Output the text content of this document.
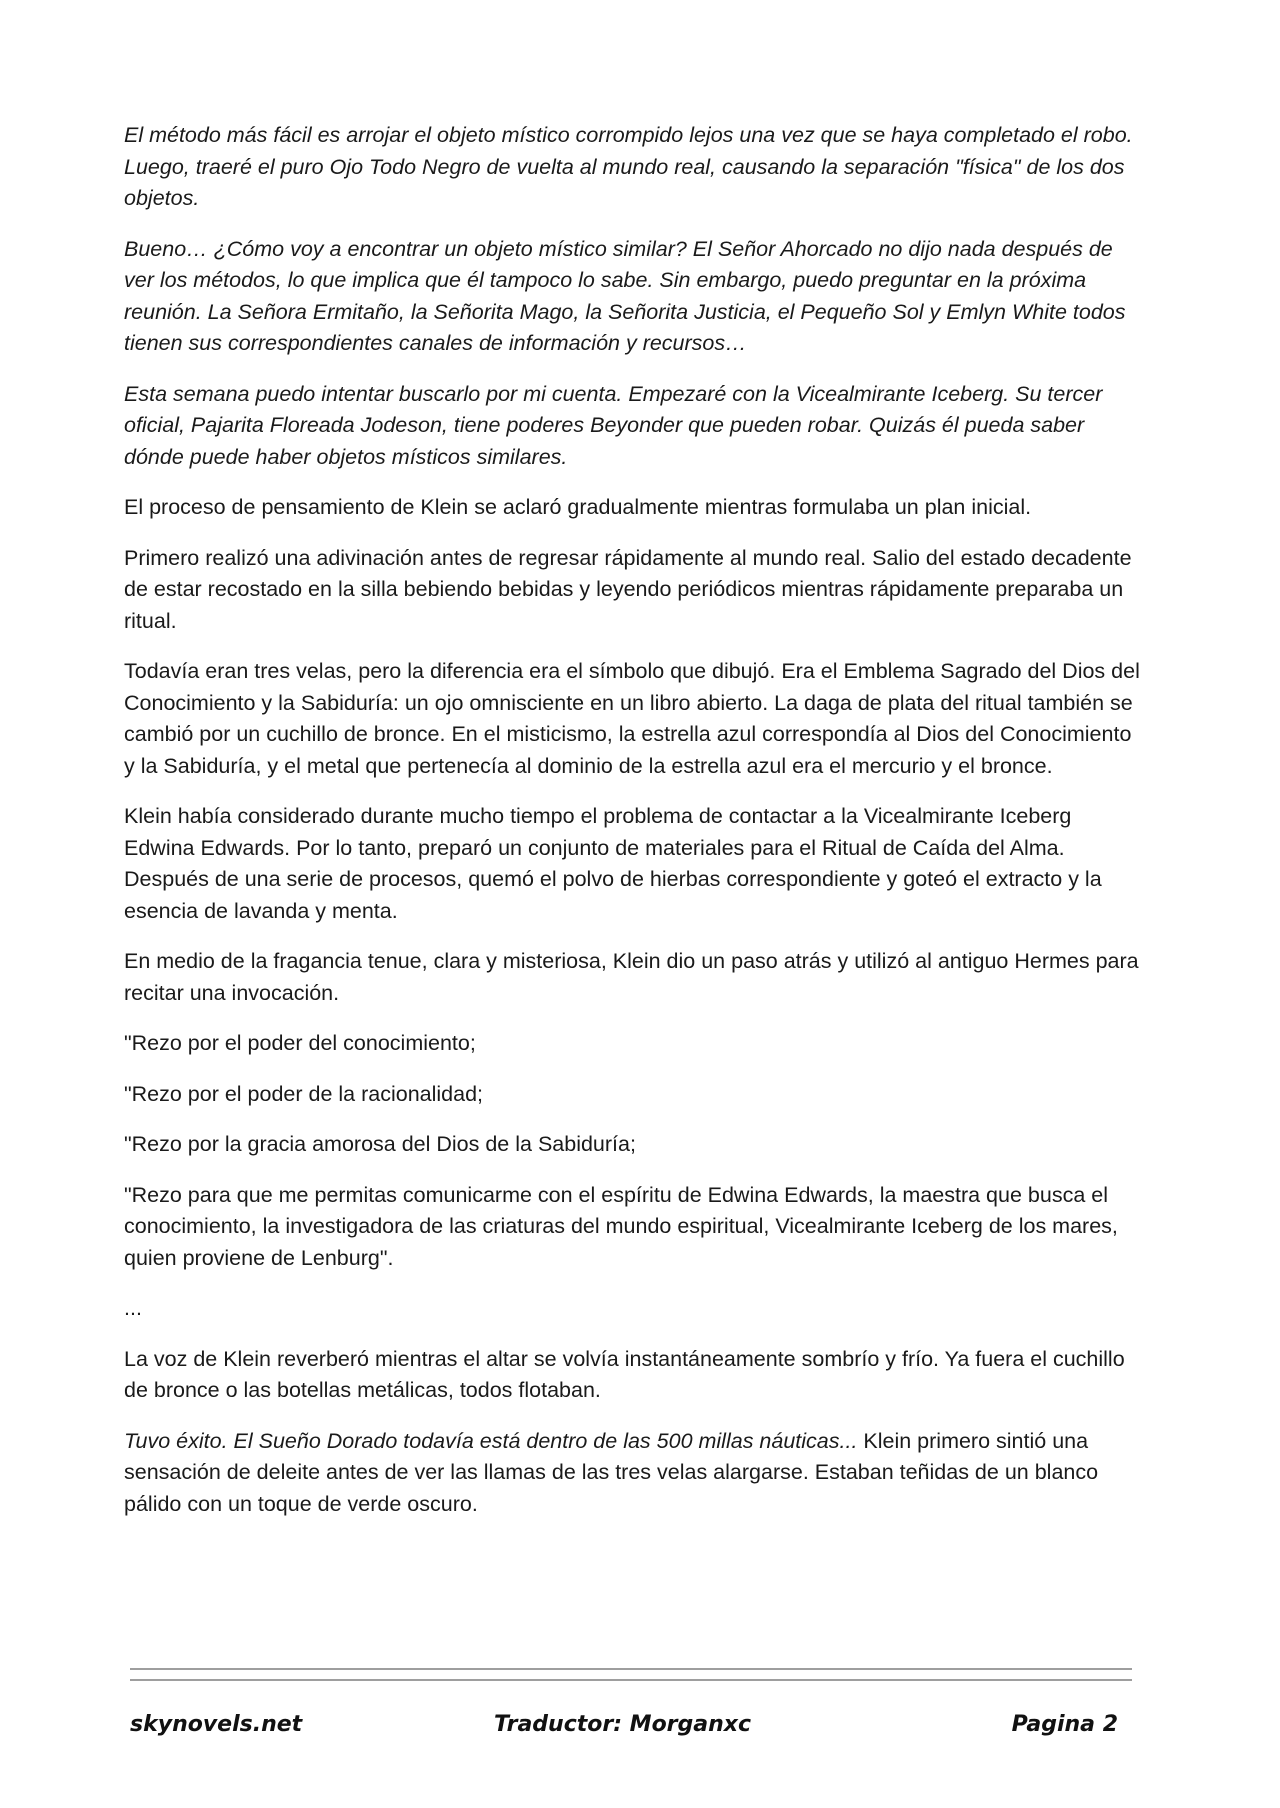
El método más fácil es arrojar el objeto místico corrompido lejos una vez que se haya completado el robo. Luego, traeré el puro Ojo Todo Negro de vuelta al mundo real, causando la separación "física" de los dos objetos.

Bueno… ¿Cómo voy a encontrar un objeto místico similar? El Señor Ahorcado no dijo nada después de ver los métodos, lo que implica que él tampoco lo sabe. Sin embargo, puedo preguntar en la próxima reunión. La Señora Ermitaño, la Señorita Mago, la Señorita Justicia, el Pequeño Sol y Emlyn White todos tienen sus correspondientes canales de información y recursos…

Esta semana puedo intentar buscarlo por mi cuenta. Empezaré con la Vicealmirante Iceberg. Su tercer oficial, Pajarita Floreada Jodeson, tiene poderes Beyonder que pueden robar. Quizás él pueda saber dónde puede haber objetos místicos similares.

El proceso de pensamiento de Klein se aclaró gradualmente mientras formulaba un plan inicial.

Primero realizó una adivinación antes de regresar rápidamente al mundo real. Salio del estado decadente de estar recostado en la silla bebiendo bebidas y leyendo periódicos mientras rápidamente preparaba un ritual.

Todavía eran tres velas, pero la diferencia era el símbolo que dibujó. Era el Emblema Sagrado del Dios del Conocimiento y la Sabiduría: un ojo omnisciente en un libro abierto. La daga de plata del ritual también se cambió por un cuchillo de bronce. En el misticismo, la estrella azul correspondía al Dios del Conocimiento y la Sabiduría, y el metal que pertenecía al dominio de la estrella azul era el mercurio y el bronce.

Klein había considerado durante mucho tiempo el problema de contactar a la Vicealmirante Iceberg Edwina Edwards. Por lo tanto, preparó un conjunto de materiales para el Ritual de Caída del Alma. Después de una serie de procesos, quemó el polvo de hierbas correspondiente y goteó el extracto y la esencia de lavanda y menta.

En medio de la fragancia tenue, clara y misteriosa, Klein dio un paso atrás y utilizó al antiguo Hermes para recitar una invocación.

"Rezo por el poder del conocimiento;

"Rezo por el poder de la racionalidad;

"Rezo por la gracia amorosa del Dios de la Sabiduría;

"Rezo para que me permitas comunicarme con el espíritu de Edwina Edwards, la maestra que busca el conocimiento, la investigadora de las criaturas del mundo espiritual, Vicealmirante Iceberg de los mares, quien proviene de Lenburg".

...

La voz de Klein reverberó mientras el altar se volvía instantáneamente sombrío y frío. Ya fuera el cuchillo de bronce o las botellas metálicas, todos flotaban.

Tuvo éxito. El Sueño Dorado todavía está dentro de las 500 millas náuticas... Klein primero sintió una sensación de deleite antes de ver las llamas de las tres velas alargarse. Estaban teñidas de un blanco pálido con un toque de verde oscuro.

skynovels.net	Traductor: Morganxc	Pagina 2
